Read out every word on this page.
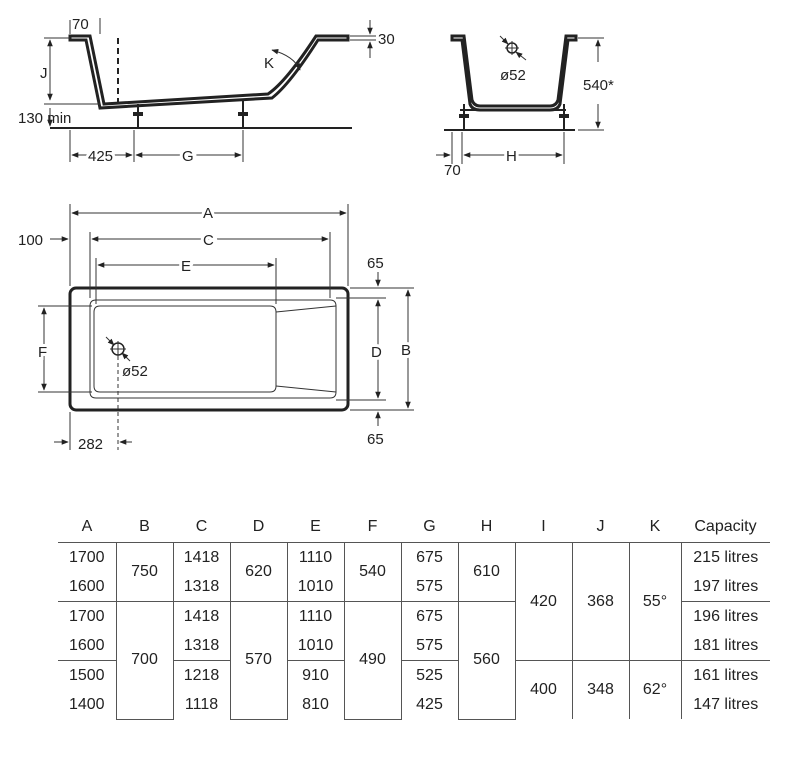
70
30
J
K
130 min
425	G
ø52
540*
70
H
ø52
A
100	C
E	65
65
D B
F
282
A	B	C	D	E	F	G	H	I	J	K	Capacity
1700	750	1418	620	1110	540	675	610	420	368	55°	215 litres
1600		1318		1010		575					197 litres
1700	700	1418	570	1110	490	675	560				196 litres
1600		1318		1010		575					181 litres
1500		1218		910		525		400	348	62°	161 litres
1400		1118		810		425					147 litres
